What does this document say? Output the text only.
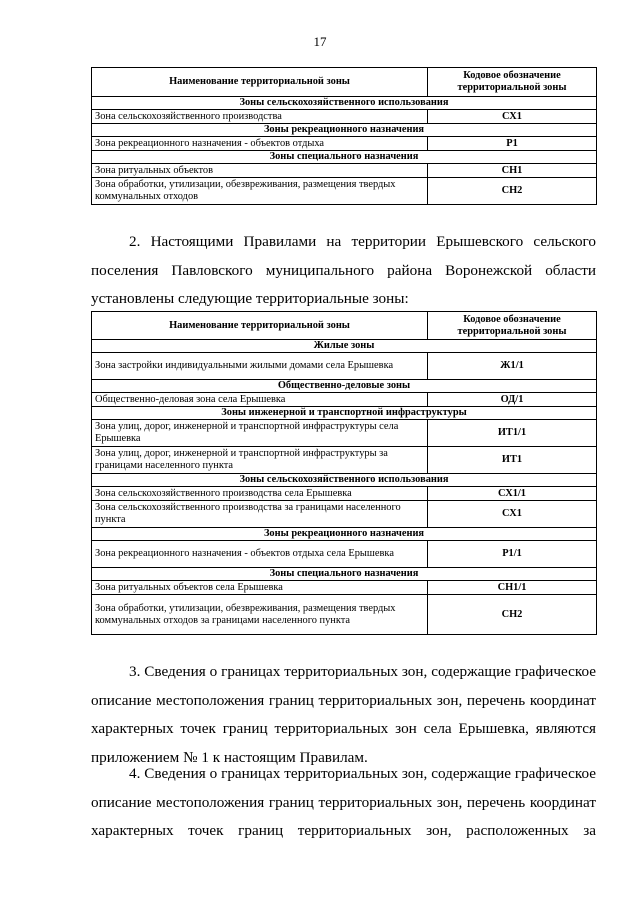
17
Наименование территориальной зоны	Кодовое обозначение территориальной зоны
Зоны сельскохозяйственного использования	
Зона сельскохозяйственного производства	СХ1
Зоны рекреационного назначения	
Зона рекреационного назначения - объектов отдыха	Р1
Зоны специального назначения	
Зона ритуальных объектов	СН1
Зона обработки, утилизации, обезвреживания, размещения твердых коммунальных отходов	СН2
2. Настоящими Правилами на территории Ерышевского сельского
поселения Павловского муниципального района Воронежской области
установлены следующие территориальные зоны:
Наименование территориальной зоны	Кодовое обозначение территориальной зоны
Жилые зоны	
Зона застройки индивидуальными жилыми домами села Ерышевка	Ж1/1
Общественно-деловые зоны	
Общественно-деловая зона села Ерышевка	ОД/1
Зоны инженерной и транспортной инфраструктуры	
Зона улиц, дорог, инженерной и транспортной инфраструктуры села Ерышевка	ИТ1/1
Зона улиц, дорог, инженерной и транспортной инфраструктуры за границами населенного пункта	ИТ1
Зоны сельскохозяйственного использования	
Зона сельскохозяйственного производства села Ерышевка	СХ1/1
Зона сельскохозяйственного производства за границами населенного пункта	СХ1
Зоны рекреационного назначения	
Зона рекреационного назначения - объектов отдыха села Ерышевка	Р1/1
Зоны специального назначения	
Зона ритуальных объектов села Ерышевка	СН1/1
Зона обработки, утилизации, обезвреживания, размещения твердых коммунальных отходов за границами населенного пункта	СН2
3. Сведения о границах территориальных зон, содержащие графическое
описание местоположения границ территориальных зон, перечень координат
характерных точек границ территориальных зон села Ерышевка, являются
приложением № 1 к настоящим Правилам.
4. Сведения о границах территориальных зон, содержащие графическое
описание местоположения границ территориальных зон, перечень координат
характерных точек границ территориальных зон, расположенных за
